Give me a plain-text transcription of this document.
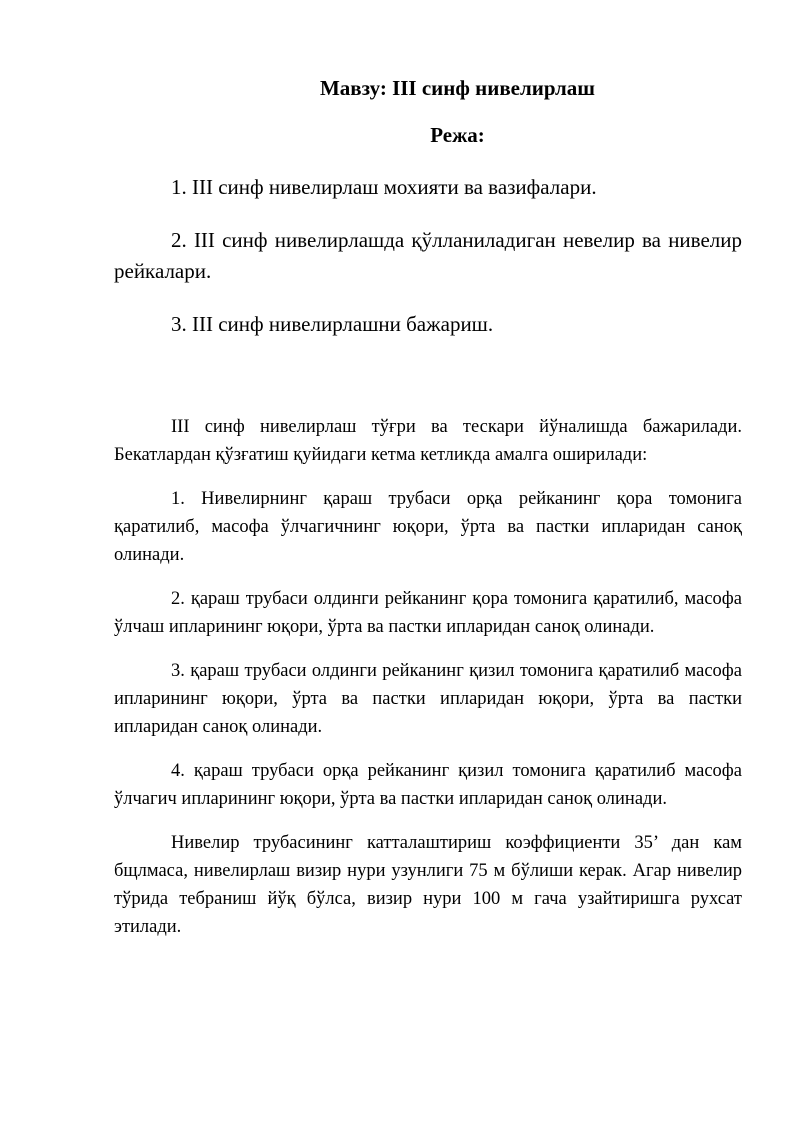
Мавзу: III синф нивелирлаш
Режа:

1. III синф нивелирлаш мохияти ва вазифалари.

2. III синф нивелирлашда қўлланиладиган невелир ва нивелир рейкалари.

3. III синф нивелирлашни бажариш.

III синф нивелирлаш тўғри ва тескари йўналишда бажарилади. Бекатлардан қўзғатиш қуйидаги кетма кетликда амалга оширилади:

1. Нивелирнинг қараш трубаси орқа рейканинг қора томонига қаратилиб, масофа ўлчагичнинг юқори, ўрта ва пастки ипларидан саноқ олинади.

2. қараш трубаси олдинги рейканинг қора томонига қаратилиб, масофа ўлчаш ипларининг юқори, ўрта ва пастки ипларидан саноқ олинади.

3. қараш трубаси олдинги рейканинг қизил томонига қаратилиб масофа ипларининг юқори, ўрта ва пастки ипларидан юқори, ўрта ва пастки ипларидан саноқ олинади.

4. қараш трубаси орқа рейканинг қизил томонига қаратилиб масофа ўлчагич ипларининг юқори, ўрта ва пастки ипларидан саноқ олинади.

Нивелир трубасининг катталаштириш коэффициенти 35’ дан кам бщлмаса, нивелирлаш визир нури узунлиги 75 м бўлиши керак. Агар нивелир тўрида тебраниш йўқ бўлса, визир нури 100 м гача узайтиришга рухсат этилади.
